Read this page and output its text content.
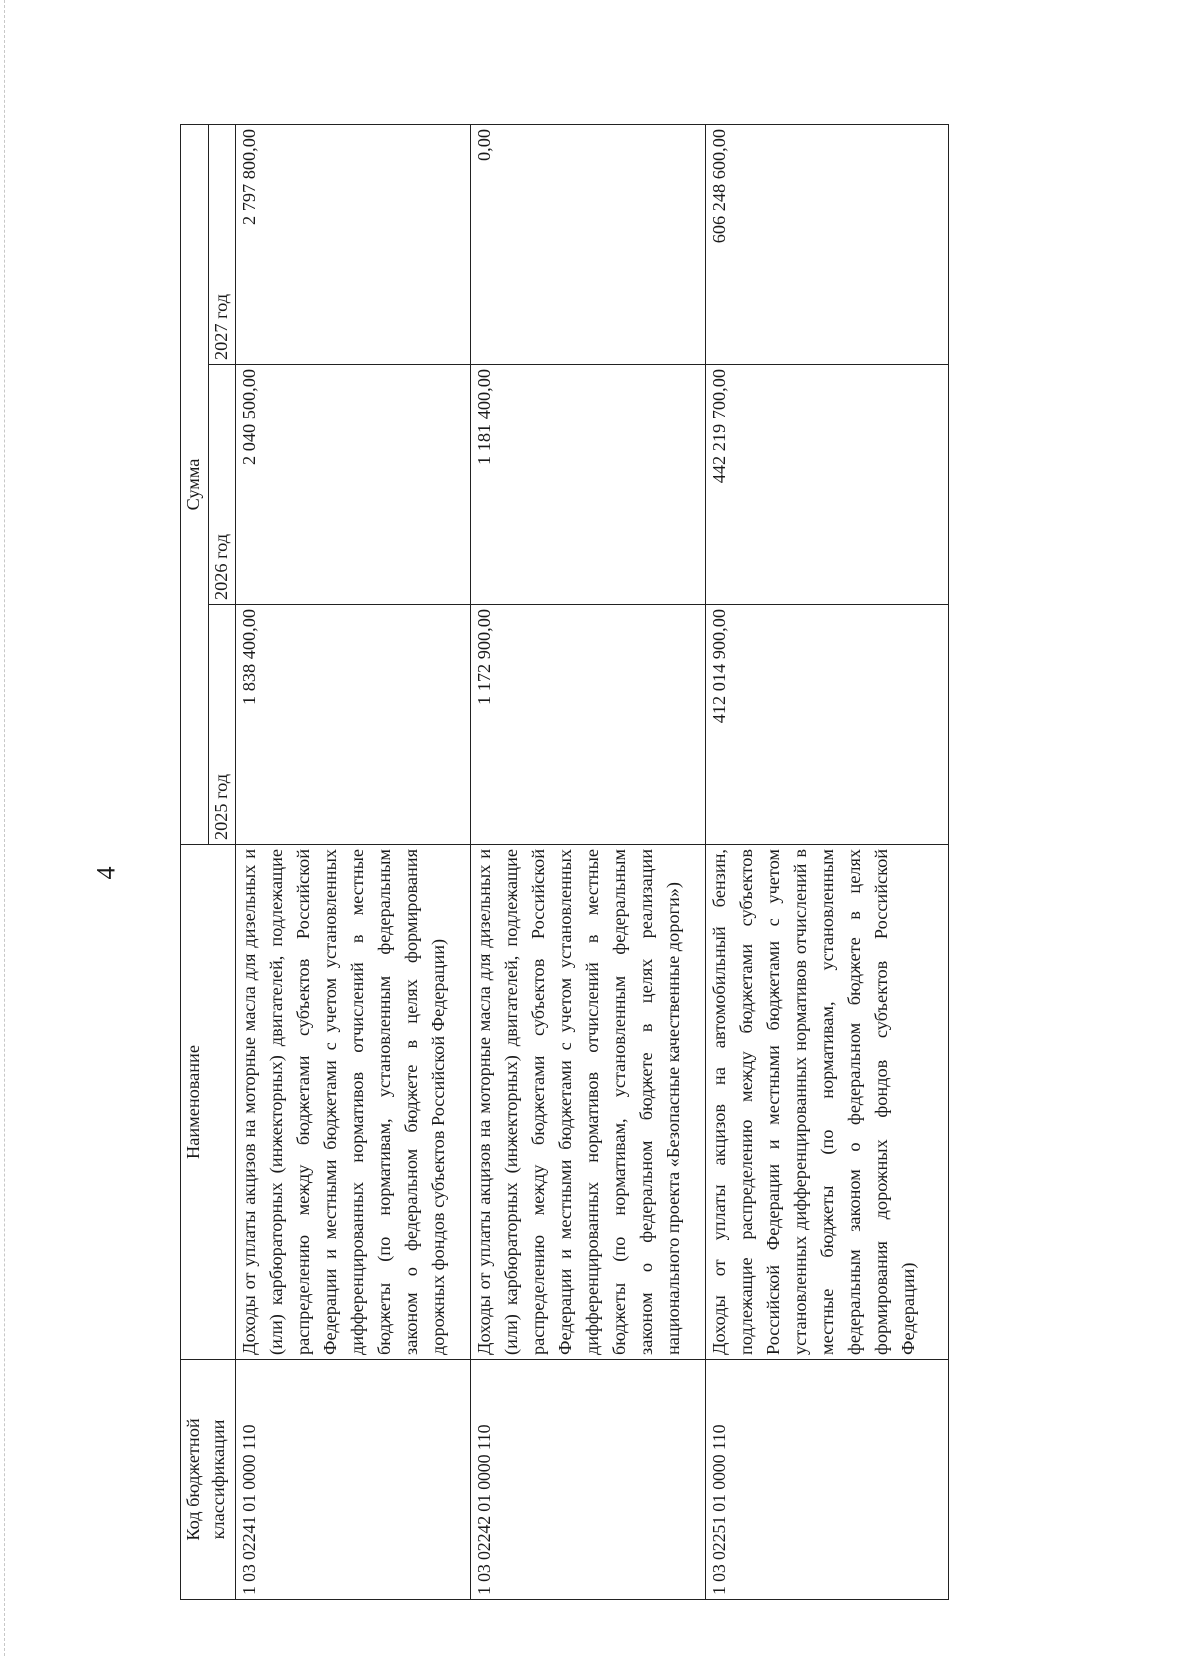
4
Код бюджетной классификации	Наименование	Сумма		
		2025 год	2026 год	2027 год
1 03 02241 01 0000 110	Доходы от уплаты акцизов на моторные масла для дизельных и (или) карбюраторных (инжекторных) двигателей, подлежащие распределению между бюджетами субъектов Российской Федерации и местными бюджетами с учетом установленных дифференцированных нормативов отчислений в местные бюджеты (по нормативам, установленным федеральным законом о федеральном бюджете в целях формирования дорожных фондов субъектов Российской Федерации)	1 838 400,00	2 040 500,00	2 797 800,00
1 03 02242 01 0000 110	Доходы от уплаты акцизов на моторные масла для дизельных и (или) карбюраторных (инжекторных) двигателей, подлежащие распределению между бюджетами субъектов Российской Федерации и местными бюджетами с учетом установленных дифференцированных нормативов отчислений в местные бюджеты (по нормативам, установленным федеральным законом о федеральном бюджете в целях реализации национального проекта «Безопасные качественные дороги»)	1 172 900,00	1 181 400,00	0,00
1 03 02251 01 0000 110	Доходы от уплаты акцизов на автомобильный бензин, подлежащие распределению между бюджетами субъектов Российской Федерации и местными бюджетами с учетом установленных дифференцированных нормативов отчислений в местные бюджеты (по нормативам, установленным федеральным законом о федеральном бюджете в целях формирования дорожных фондов субъектов Российской Федерации)	412 014 900,00	442 219 700,00	606 248 600,00
